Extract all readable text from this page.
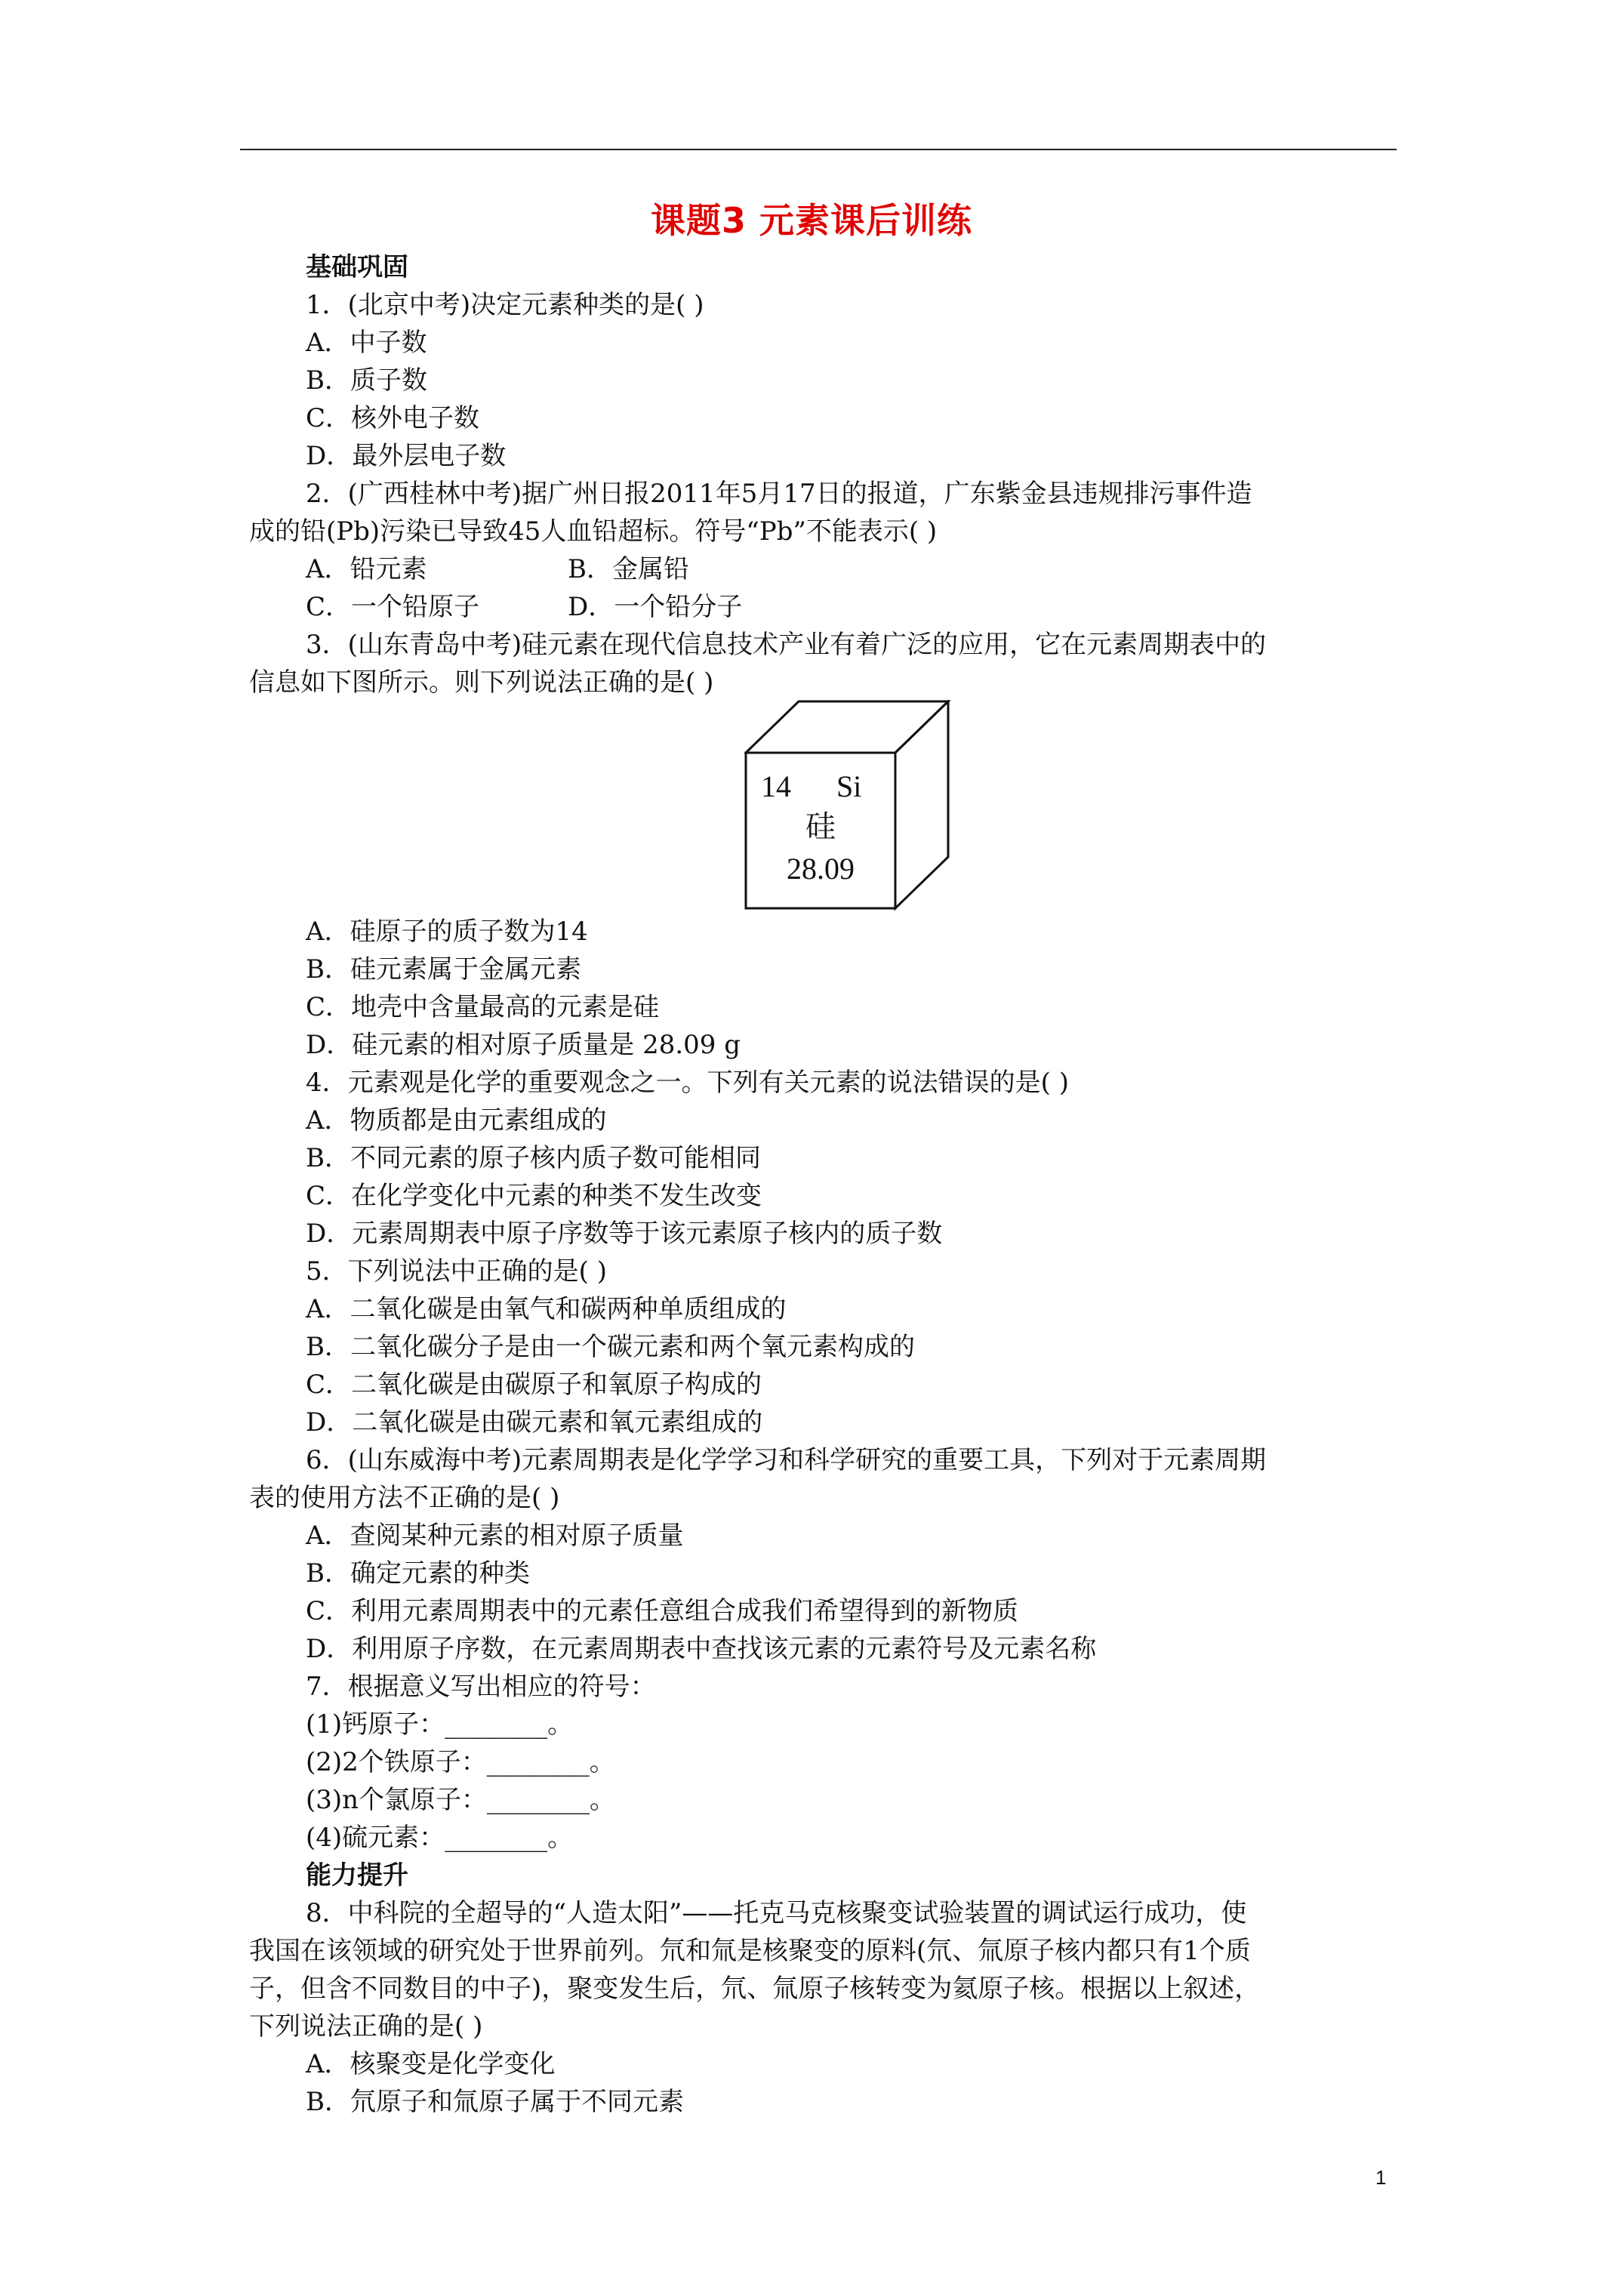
课题3 元素课后训练
基础巩固
1．(北京中考)决定元素种类的是( )
A．中子数
B．质子数
C．核外电子数
D．最外层电子数
2．(广西桂林中考)据广州日报2011年5月17日的报道，广东紫金县违规排污事件造
成的铅(Pb)污染已导致45人血铅超标。符号“Pb”不能表示( )
A．铅元素	B．金属铅
C．一个铅原子	D．一个铅分子
3．(山东青岛中考)硅元素在现代信息技术产业有着广泛的应用，它在元素周期表中的
信息如下图所示。则下列说法正确的是( )
14 Si
硅
28.09
A．硅原子的质子数为14
B．硅元素属于金属元素
C．地壳中含量最高的元素是硅
D．硅元素的相对原子质量是 28.09 g
4．元素观是化学的重要观念之一。下列有关元素的说法错误的是( )
A．物质都是由元素组成的
B．不同元素的原子核内质子数可能相同
C．在化学变化中元素的种类不发生改变
D．元素周期表中原子序数等于该元素原子核内的质子数
5．下列说法中正确的是( )
A．二氧化碳是由氧气和碳两种单质组成的
B．二氧化碳分子是由一个碳元素和两个氧元素构成的
C．二氧化碳是由碳原子和氧原子构成的
D．二氧化碳是由碳元素和氧元素组成的
6．(山东威海中考)元素周期表是化学学习和科学研究的重要工具，下列对于元素周期
表的使用方法不正确的是( )
A．查阅某种元素的相对原子质量
B．确定元素的种类
C．利用元素周期表中的元素任意组合成我们希望得到的新物质
D．利用原子序数，在元素周期表中查找该元素的元素符号及元素名称
7．根据意义写出相应的符号：
(1)钙原子：________。
(2)2个铁原子：________。
(3)n个氯原子：________。
(4)硫元素：________。
能力提升
8．中科院的全超导的“人造太阳”——托克马克核聚变试验装置的调试运行成功，使
我国在该领域的研究处于世界前列。氘和氚是核聚变的原料(氘、氚原子核内都只有1个质
子，但含不同数目的中子)，聚变发生后，氘、氚原子核转变为氦原子核。根据以上叙述，
下列说法正确的是( )
A．核聚变是化学变化
B．氘原子和氚原子属于不同元素
1
